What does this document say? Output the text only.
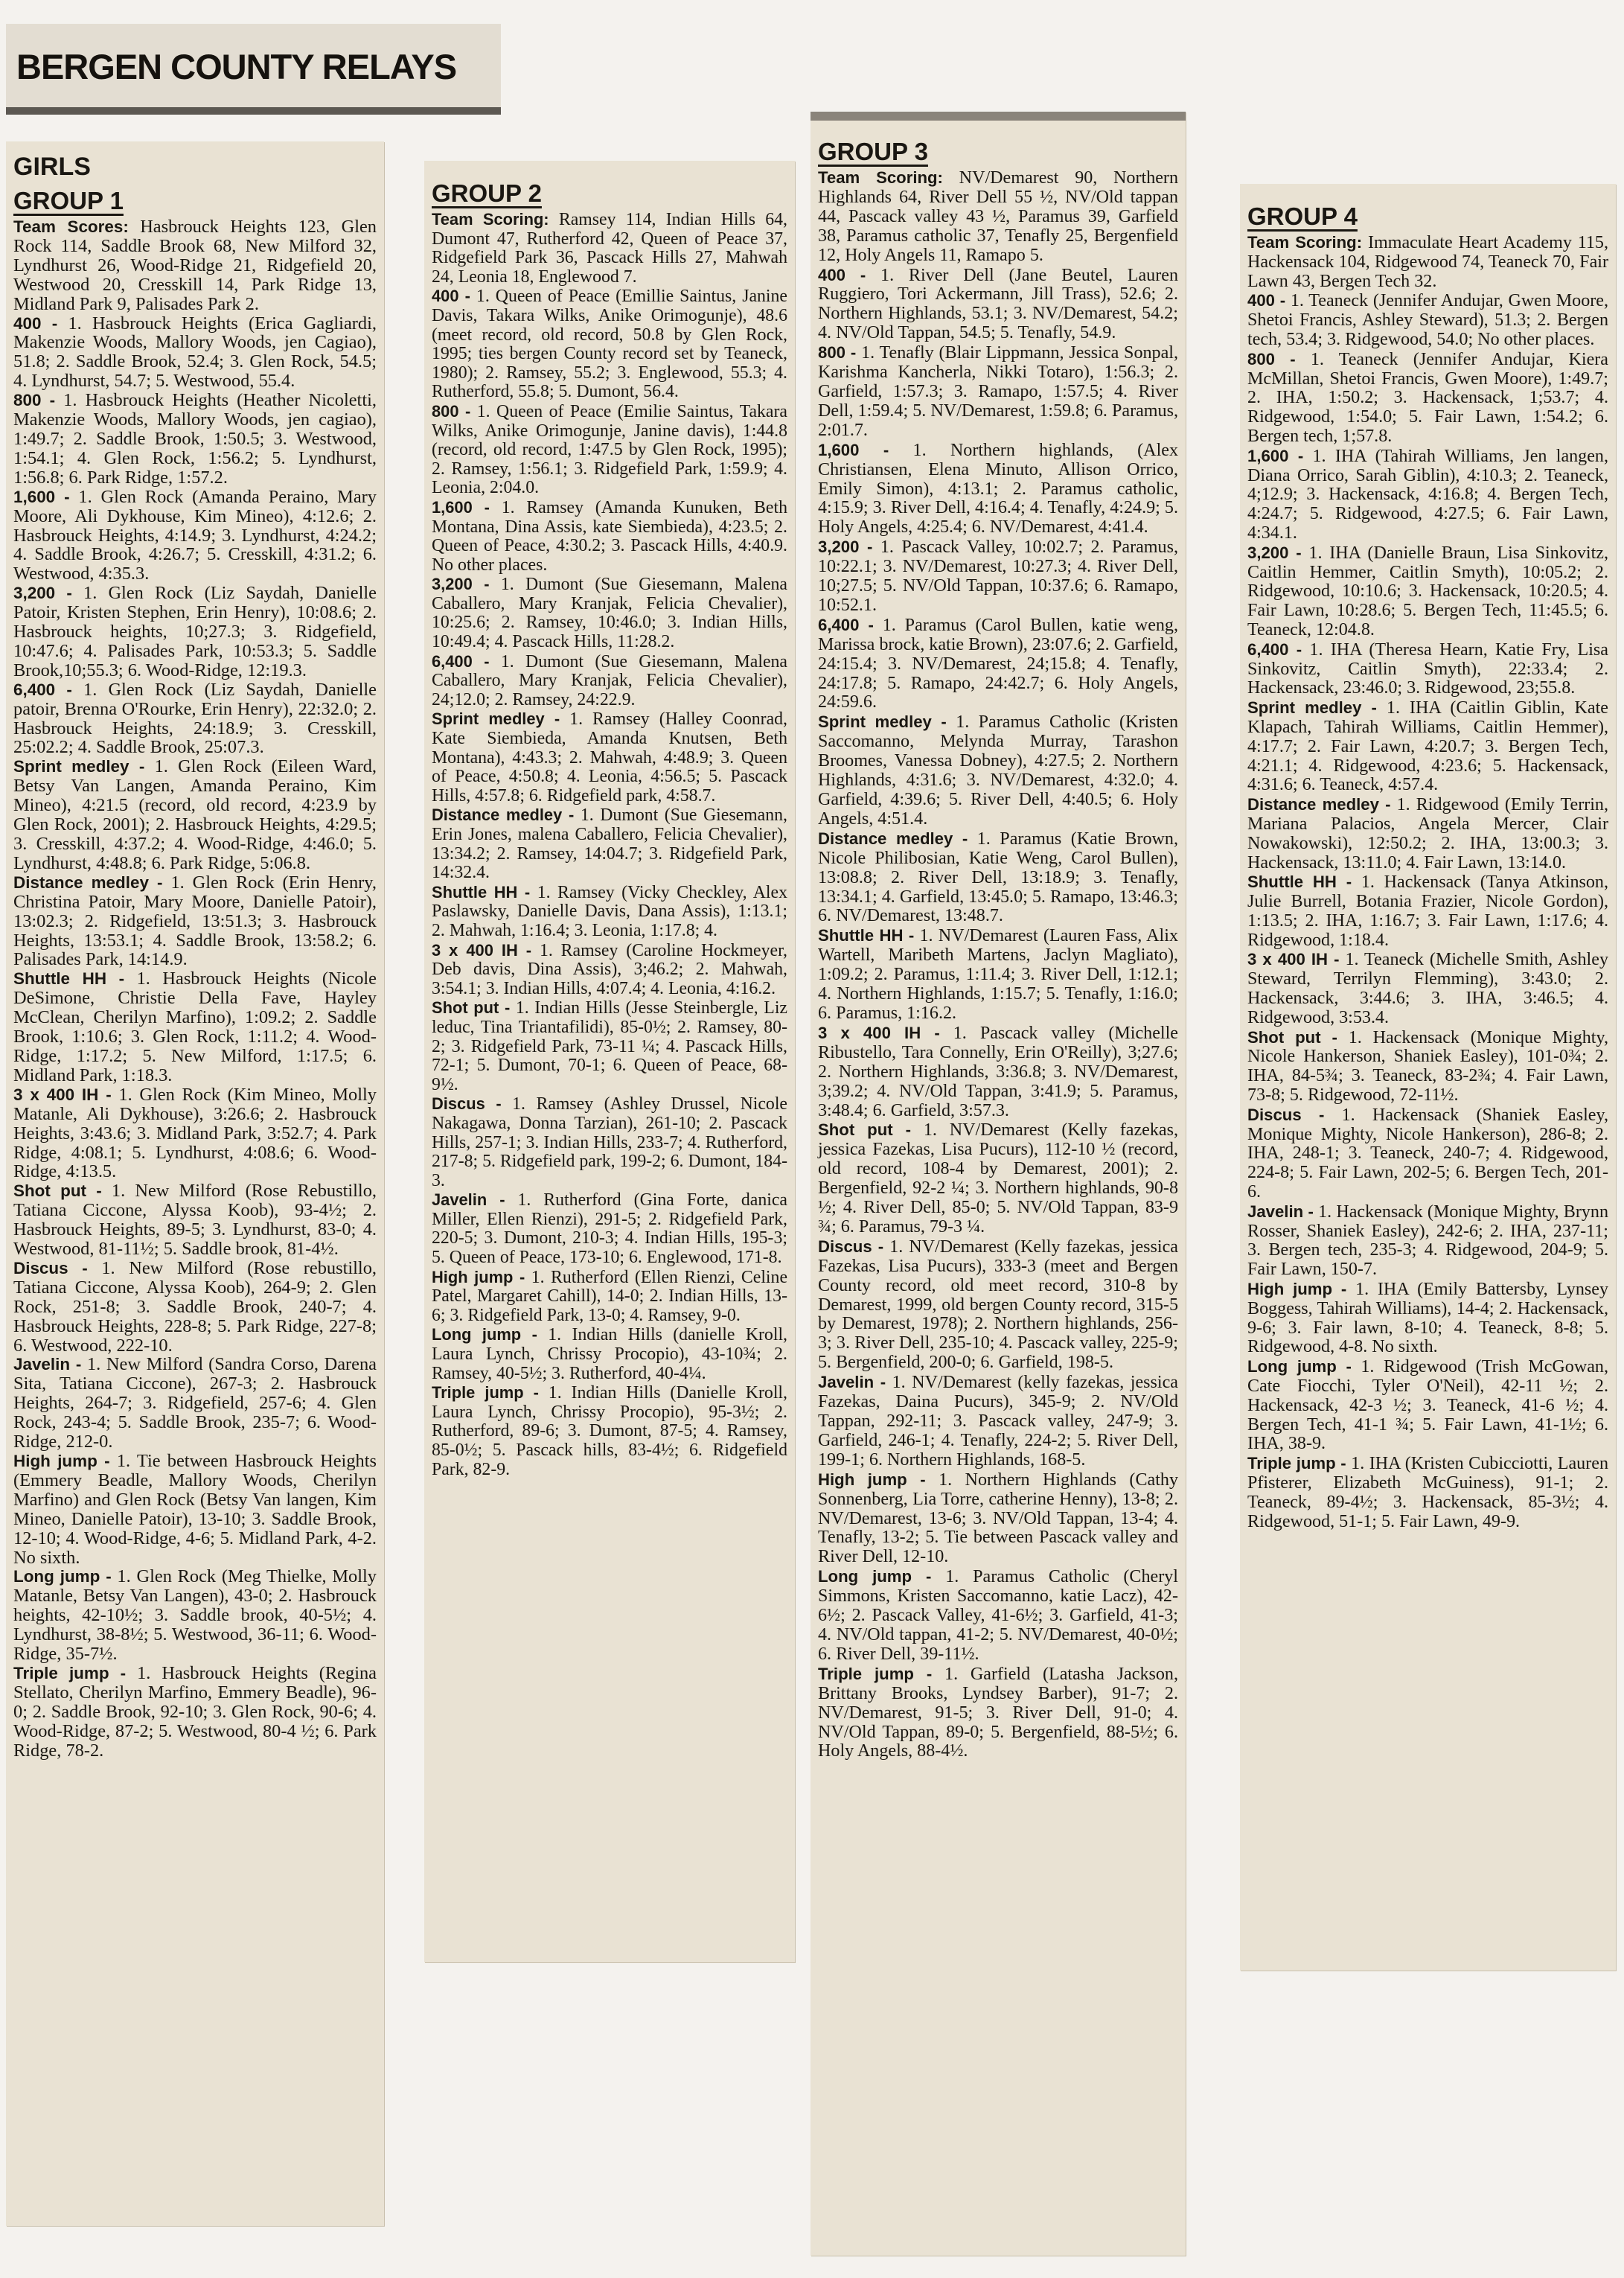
BERGEN COUNTY RELAYS
GIRLS
GROUP 1
Team Scores: Hasbrouck Heights 123, Glen Rock 114, Saddle Brook 68, New Milford 32, Lyndhurst 26, Wood-Ridge 21, Ridgefield 20, Westwood 20, Cresskill 14, Park Ridge 13, Midland Park 9, Palisades Park 2.
400 - 1. Hasbrouck Heights (Erica Gagliardi, Makenzie Woods, Mallory Woods, jen Cagiao), 51.8; 2. Saddle Brook, 52.4; 3. Glen Rock, 54.5; 4. Lyndhurst, 54.7; 5. Westwood, 55.4.
800 - 1. Hasbrouck Heights (Heather Nicoletti, Makenzie Woods, Mallory Woods, jen cagiao), 1:49.7; 2. Saddle Brook, 1:50.5; 3. Westwood, 1:54.1; 4. Glen Rock, 1:56.2; 5. Lyndhurst, 1:56.8; 6. Park Ridge, 1:57.2.
1,600 - 1. Glen Rock (Amanda Peraino, Mary Moore, Ali Dykhouse, Kim Mineo), 4:12.6; 2. Hasbrouck Heights, 4:14.9; 3. Lyndhurst, 4:24.2; 4. Saddle Brook, 4:26.7; 5. Cresskill, 4:31.2; 6. Westwood, 4:35.3.
3,200 - 1. Glen Rock (Liz Saydah, Danielle Patoir, Kristen Stephen, Erin Henry), 10:08.6; 2. Hasbrouck heights, 10;27.3; 3. Ridgefield, 10:47.6; 4. Palisades Park, 10:53.3; 5. Saddle Brook,10;55.3; 6. Wood-Ridge, 12:19.3.
6,400 - 1. Glen Rock (Liz Saydah, Danielle patoir, Brenna O'Rourke, Erin Henry), 22:32.0; 2. Hasbrouck Heights, 24:18.9; 3. Cresskill, 25:02.2; 4. Saddle Brook, 25:07.3.
Sprint medley - 1. Glen Rock (Eileen Ward, Betsy Van Langen, Amanda Peraino, Kim Mineo), 4:21.5 (record, old record, 4:23.9 by Glen Rock, 2001); 2. Hasbrouck Heights, 4:29.5; 3. Cresskill, 4:37.2; 4. Wood-Ridge, 4:46.0; 5. Lyndhurst, 4:48.8; 6. Park Ridge, 5:06.8.
Distance medley - 1. Glen Rock (Erin Henry, Christina Patoir, Mary Moore, Danielle Patoir), 13:02.3; 2. Ridgefield, 13:51.3; 3. Hasbrouck Heights, 13:53.1; 4. Saddle Brook, 13:58.2; 6. Palisades Park, 14:14.9.
Shuttle HH - 1. Hasbrouck Heights (Nicole DeSimone, Christie Della Fave, Hayley McClean, Cherilyn Marfino), 1:09.2; 2. Saddle Brook, 1:10.6; 3. Glen Rock, 1:11.2; 4. Wood-Ridge, 1:17.2; 5. New Milford, 1:17.5; 6. Midland Park, 1:18.3.
3 x 400 IH - 1. Glen Rock (Kim Mineo, Molly Matanle, Ali Dykhouse), 3:26.6; 2. Hasbrouck Heights, 3:43.6; 3. Midland Park, 3:52.7; 4. Park Ridge, 4:08.1; 5. Lyndhurst, 4:08.6; 6. Wood-Ridge, 4:13.5.
Shot put - 1. New Milford (Rose Rebustillo, Tatiana Ciccone, Alyssa Koob), 93-4½; 2. Hasbrouck Heights, 89-5; 3. Lyndhurst, 83-0; 4. Westwood, 81-11½; 5. Saddle brook, 81-4½.
Discus - 1. New Milford (Rose rebustillo, Tatiana Ciccone, Alyssa Koob), 264-9; 2. Glen Rock, 251-8; 3. Saddle Brook, 240-7; 4. Hasbrouck Heights, 228-8; 5. Park Ridge, 227-8; 6. Westwood, 222-10.
Javelin - 1. New Milford (Sandra Corso, Darena Sita, Tatiana Ciccone), 267-3; 2. Hasbrouck Heights, 264-7; 3. Ridgefield, 257-6; 4. Glen Rock, 243-4; 5. Saddle Brook, 235-7; 6. Wood-Ridge, 212-0.
High jump - 1. Tie between Hasbrouck Heights (Emmery Beadle, Mallory Woods, Cherilyn Marfino) and Glen Rock (Betsy Van langen, Kim Mineo, Danielle Patoir), 13-10; 3. Saddle Brook, 12-10; 4. Wood-Ridge, 4-6; 5. Midland Park, 4-2. No sixth.
Long jump - 1. Glen Rock (Meg Thielke, Molly Matanle, Betsy Van Langen), 43-0; 2. Hasbrouck heights, 42-10½; 3. Saddle brook, 40-5½; 4. Lyndhurst, 38-8½; 5. Westwood, 36-11; 6. Wood-Ridge, 35-7½.
Triple jump - 1. Hasbrouck Heights (Regina Stellato, Cherilyn Marfino, Emmery Beadle), 96-0; 2. Saddle Brook, 92-10; 3. Glen Rock, 90-6; 4. Wood-Ridge, 87-2; 5. Westwood, 80-4 ½; 6. Park Ridge, 78-2.
GROUP 2
Team Scoring: Ramsey 114, Indian Hills 64, Dumont 47, Rutherford 42, Queen of Peace 37, Ridgefield Park 36, Pascack Hills 27, Mahwah 24, Leonia 18, Englewood 7.
400 - 1. Queen of Peace (Emillie Saintus, Janine Davis, Takara Wilks, Anike Orimogunje), 48.6 (meet record, old record, 50.8 by Glen Rock, 1995; ties bergen County record set by Teaneck, 1980); 2. Ramsey, 55.2; 3. Englewood, 55.3; 4. Rutherford, 55.8; 5. Dumont, 56.4.
800 - 1. Queen of Peace (Emilie Saintus, Takara Wilks, Anike Orimogunje, Janine davis), 1:44.8 (record, old record, 1:47.5 by Glen Rock, 1995); 2. Ramsey, 1:56.1; 3. Ridgefield Park, 1:59.9; 4. Leonia, 2:04.0.
1,600 - 1. Ramsey (Amanda Kunuken, Beth Montana, Dina Assis, kate Siembieda), 4:23.5; 2. Queen of Peace, 4:30.2; 3. Pascack Hills, 4:40.9. No other places.
3,200 - 1. Dumont (Sue Giesemann, Malena Caballero, Mary Kranjak, Felicia Chevalier), 10:25.6; 2. Ramsey, 10:46.0; 3. Indian Hills, 10:49.4; 4. Pascack Hills, 11:28.2.
6,400 - 1. Dumont (Sue Giesemann, Malena Caballero, Mary Kranjak, Felicia Chevalier), 24;12.0; 2. Ramsey, 24:22.9.
Sprint medley - 1. Ramsey (Halley Coonrad, Kate Siembieda, Amanda Knutsen, Beth Montana), 4:43.3; 2. Mahwah, 4:48.9; 3. Queen of Peace, 4:50.8; 4. Leonia, 4:56.5; 5. Pascack Hills, 4:57.8; 6. Ridgefield park, 4:58.7.
Distance medley - 1. Dumont (Sue Giesemann, Erin Jones, malena Caballero, Felicia Chevalier), 13:34.2; 2. Ramsey, 14:04.7; 3. Ridgefield Park, 14:32.4.
Shuttle HH - 1. Ramsey (Vicky Checkley, Alex Paslawsky, Danielle Davis, Dana Assis), 1:13.1; 2. Mahwah, 1:16.4; 3. Leonia, 1:17.8; 4.
3 x 400 IH - 1. Ramsey (Caroline Hockmeyer, Deb davis, Dina Assis), 3;46.2; 2. Mahwah, 3:54.1; 3. Indian Hills, 4:07.4; 4. Leonia, 4:16.2.
Shot put - 1. Indian Hills (Jesse Steinbergle, Liz leduc, Tina Triantafilidi), 85-0½; 2. Ramsey, 80-2; 3. Ridgefield Park, 73-11 ¼; 4. Pascack Hills, 72-1; 5. Dumont, 70-1; 6. Queen of Peace, 68-9½.
Discus - 1. Ramsey (Ashley Drussel, Nicole Nakagawa, Donna Tarzian), 261-10; 2. Pascack Hills, 257-1; 3. Indian Hills, 233-7; 4. Rutherford, 217-8; 5. Ridgefield park, 199-2; 6. Dumont, 184-3.
Javelin - 1. Rutherford (Gina Forte, danica Miller, Ellen Rienzi), 291-5; 2. Ridgefield Park, 220-5; 3. Dumont, 210-3; 4. Indian Hills, 195-3; 5. Queen of Peace, 173-10; 6. Englewood, 171-8.
High jump - 1. Rutherford (Ellen Rienzi, Celine Patel, Margaret Cahill), 14-0; 2. Indian Hills, 13-6; 3. Ridgefield Park, 13-0; 4. Ramsey, 9-0.
Long jump - 1. Indian Hills (danielle Kroll, Laura Lynch, Chrissy Procopio), 43-10¾; 2. Ramsey, 40-5½; 3. Rutherford, 40-4¼.
Triple jump - 1. Indian Hills (Danielle Kroll, Laura Lynch, Chrissy Procopio), 95-3½; 2. Rutherford, 89-6; 3. Dumont, 87-5; 4. Ramsey, 85-0½; 5. Pascack hills, 83-4½; 6. Ridgefield Park, 82-9.
GROUP 3
Team Scoring: NV/Demarest 90, Northern Highlands 64, River Dell 55 ½, NV/Old tappan 44, Pascack valley 43 ½, Paramus 39, Garfield 38, Paramus catholic 37, Tenafly 25, Bergenfield 12, Holy Angels 11, Ramapo 5.
400 - 1. River Dell (Jane Beutel, Lauren Ruggiero, Tori Ackermann, Jill Trass), 52.6; 2. Northern Highlands, 53.1; 3. NV/Demarest, 54.2; 4. NV/Old Tappan, 54.5; 5. Tenafly, 54.9.
800 - 1. Tenafly (Blair Lippmann, Jessica Sonpal, Karishma Kancherla, Nikki Totaro), 1:56.3; 2. Garfield, 1:57.3; 3. Ramapo, 1:57.5; 4. River Dell, 1:59.4; 5. NV/Demarest, 1:59.8; 6. Paramus, 2:01.7.
1,600 - 1. Northern highlands, (Alex Christiansen, Elena Minuto, Allison Orrico, Emily Simon), 4:13.1; 2. Paramus catholic, 4:15.9; 3. River Dell, 4:16.4; 4. Tenafly, 4:24.9; 5. Holy Angels, 4:25.4; 6. NV/Demarest, 4:41.4.
3,200 - 1. Pascack Valley, 10:02.7; 2. Paramus, 10:22.1; 3. NV/Demarest, 10:27.3; 4. River Dell, 10;27.5; 5. NV/Old Tappan, 10:37.6; 6. Ramapo, 10:52.1.
6,400 - 1. Paramus (Carol Bullen, katie weng, Marissa brock, katie Brown), 23:07.6; 2. Garfield, 24:15.4; 3. NV/Demarest, 24;15.8; 4. Tenafly, 24:17.8; 5. Ramapo, 24:42.7; 6. Holy Angels, 24:59.6.
Sprint medley - 1. Paramus Catholic (Kristen Saccomanno, Melynda Murray, Tarashon Broomes, Vanessa Dobney), 4:27.5; 2. Northern Highlands, 4:31.6; 3. NV/Demarest, 4:32.0; 4. Garfield, 4:39.6; 5. River Dell, 4:40.5; 6. Holy Angels, 4:51.4.
Distance medley - 1. Paramus (Katie Brown, Nicole Philibosian, Katie Weng, Carol Bullen), 13:08.8; 2. River Dell, 13:18.9; 3. Tenafly, 13:34.1; 4. Garfield, 13:45.0; 5. Ramapo, 13:46.3; 6. NV/Demarest, 13:48.7.
Shuttle HH - 1. NV/Demarest (Lauren Fass, Alix Wartell, Maribeth Martens, Jaclyn Magliato), 1:09.2; 2. Paramus, 1:11.4; 3. River Dell, 1:12.1; 4. Northern Highlands, 1:15.7; 5. Tenafly, 1:16.0; 6. Paramus, 1:16.2.
3 x 400 IH - 1. Pascack valley (Michelle Ribustello, Tara Connelly, Erin O'Reilly), 3;27.6; 2. Northern Highlands, 3:36.8; 3. NV/Demarest, 3;39.2; 4. NV/Old Tappan, 3:41.9; 5. Paramus, 3:48.4; 6. Garfield, 3:57.3.
Shot put - 1. NV/Demarest (Kelly fazekas, jessica Fazekas, Lisa Pucurs), 112-10 ½ (record, old record, 108-4 by Demarest, 2001); 2. Bergenfield, 92-2 ¼; 3. Northern highlands, 90-8 ½; 4. River Dell, 85-0; 5. NV/Old Tappan, 83-9 ¾; 6. Paramus, 79-3 ¼.
Discus - 1. NV/Demarest (Kelly fazekas, jessica Fazekas, Lisa Pucurs), 333-3 (meet and Bergen County record, old meet record, 310-8 by Demarest, 1999, old bergen County record, 315-5 by Demarest, 1978); 2. Northern highlands, 256-3; 3. River Dell, 235-10; 4. Pascack valley, 225-9; 5. Bergenfield, 200-0; 6. Garfield, 198-5.
Javelin - 1. NV/Demarest (kelly fazekas, jessica Fazekas, Daina Pucurs), 345-9; 2. NV/Old Tappan, 292-11; 3. Pascack valley, 247-9; 3. Garfield, 246-1; 4. Tenafly, 224-2; 5. River Dell, 199-1; 6. Northern Highlands, 168-5.
High jump - 1. Northern Highlands (Cathy Sonnenberg, Lia Torre, catherine Henny), 13-8; 2. NV/Demarest, 13-6; 3. NV/Old Tappan, 13-4; 4. Tenafly, 13-2; 5. Tie between Pascack valley and River Dell, 12-10.
Long jump - 1. Paramus Catholic (Cheryl Simmons, Kristen Saccomanno, katie Lacz), 42-6½; 2. Pascack Valley, 41-6½; 3. Garfield, 41-3; 4. NV/Old tappan, 41-2; 5. NV/Demarest, 40-0½; 6. River Dell, 39-11½.
Triple jump - 1. Garfield (Latasha Jackson, Brittany Brooks, Lyndsey Barber), 91-7; 2. NV/Demarest, 91-5; 3. River Dell, 91-0; 4. NV/Old Tappan, 89-0; 5. Bergenfield, 88-5½; 6. Holy Angels, 88-4½.
GROUP 4
Team Scoring: Immaculate Heart Academy 115, Hackensack 104, Ridgewood 74, Teaneck 70, Fair Lawn 43, Bergen Tech 32.
400 - 1. Teaneck (Jennifer Andujar, Gwen Moore, Shetoi Francis, Ashley Steward), 51.3; 2. Bergen tech, 53.4; 3. Ridgewood, 54.0; No other places.
800 - 1. Teaneck (Jennifer Andujar, Kiera McMillan, Shetoi Francis, Gwen Moore), 1:49.7; 2. IHA, 1:50.2; 3. Hackensack, 1;53.7; 4. Ridgewood, 1:54.0; 5. Fair Lawn, 1:54.2; 6. Bergen tech, 1;57.8.
1,600 - 1. IHA (Tahirah Williams, Jen langen, Diana Orrico, Sarah Giblin), 4:10.3; 2. Teaneck, 4;12.9; 3. Hackensack, 4:16.8; 4. Bergen Tech, 4:24.7; 5. Ridgewood, 4:27.5; 6. Fair Lawn, 4:34.1.
3,200 - 1. IHA (Danielle Braun, Lisa Sinkovitz, Caitlin Hemmer, Caitlin Smyth), 10:05.2; 2. Ridgewood, 10:10.6; 3. Hackensack, 10:20.5; 4. Fair Lawn, 10:28.6; 5. Bergen Tech, 11:45.5; 6. Teaneck, 12:04.8.
6,400 - 1. IHA (Theresa Hearn, Katie Fry, Lisa Sinkovitz, Caitlin Smyth), 22:33.4; 2. Hackensack, 23:46.0; 3. Ridgewood, 23;55.8.
Sprint medley - 1. IHA (Caitlin Giblin, Kate Klapach, Tahirah Williams, Caitlin Hemmer), 4:17.7; 2. Fair Lawn, 4:20.7; 3. Bergen Tech, 4:21.1; 4. Ridgewood, 4:23.6; 5. Hackensack, 4:31.6; 6. Teaneck, 4:57.4.
Distance medley - 1. Ridgewood (Emily Terrin, Mariana Palacios, Angela Mercer, Clair Nowakowski), 12:50.2; 2. IHA, 13:00.3; 3. Hackensack, 13:11.0; 4. Fair Lawn, 13:14.0.
Shuttle HH - 1. Hackensack (Tanya Atkinson, Julie Burrell, Botania Frazier, Nicole Gordon), 1:13.5; 2. IHA, 1:16.7; 3. Fair Lawn, 1:17.6; 4. Ridgewood, 1:18.4.
3 x 400 IH - 1. Teaneck (Michelle Smith, Ashley Steward, Terrilyn Flemming), 3:43.0; 2. Hackensack, 3:44.6; 3. IHA, 3:46.5; 4. Ridgewood, 3:53.4.
Shot put - 1. Hackensack (Monique Mighty, Nicole Hankerson, Shaniek Easley), 101-0¾; 2. IHA, 84-5¾; 3. Teaneck, 83-2¾; 4. Fair Lawn, 73-8; 5. Ridgewood, 72-11½.
Discus - 1. Hackensack (Shaniek Easley, Monique Mighty, Nicole Hankerson), 286-8; 2. IHA, 248-1; 3. Teaneck, 240-7; 4. Ridgewood, 224-8; 5. Fair Lawn, 202-5; 6. Bergen Tech, 201-6.
Javelin - 1. Hackensack (Monique Mighty, Brynn Rosser, Shaniek Easley), 242-6; 2. IHA, 237-11; 3. Bergen tech, 235-3; 4. Ridgewood, 204-9; 5. Fair Lawn, 150-7.
High jump - 1. IHA (Emily Battersby, Lynsey Boggess, Tahirah Williams), 14-4; 2. Hackensack, 9-6; 3. Fair lawn, 8-10; 4. Teaneck, 8-8; 5. Ridgewood, 4-8. No sixth.
Long jump - 1. Ridgewood (Trish McGowan, Cate Fiocchi, Tyler O'Neil), 42-11 ½; 2. Hackensack, 42-3 ½; 3. Teaneck, 41-6 ½; 4. Bergen Tech, 41-1 ¾; 5. Fair Lawn, 41-1½; 6. IHA, 38-9.
Triple jump - 1. IHA (Kristen Cubicciotti, Lauren Pfisterer, Elizabeth McGuiness), 91-1; 2. Teaneck, 89-4½; 3. Hackensack, 85-3½; 4. Ridgewood, 51-1; 5. Fair Lawn, 49-9.
